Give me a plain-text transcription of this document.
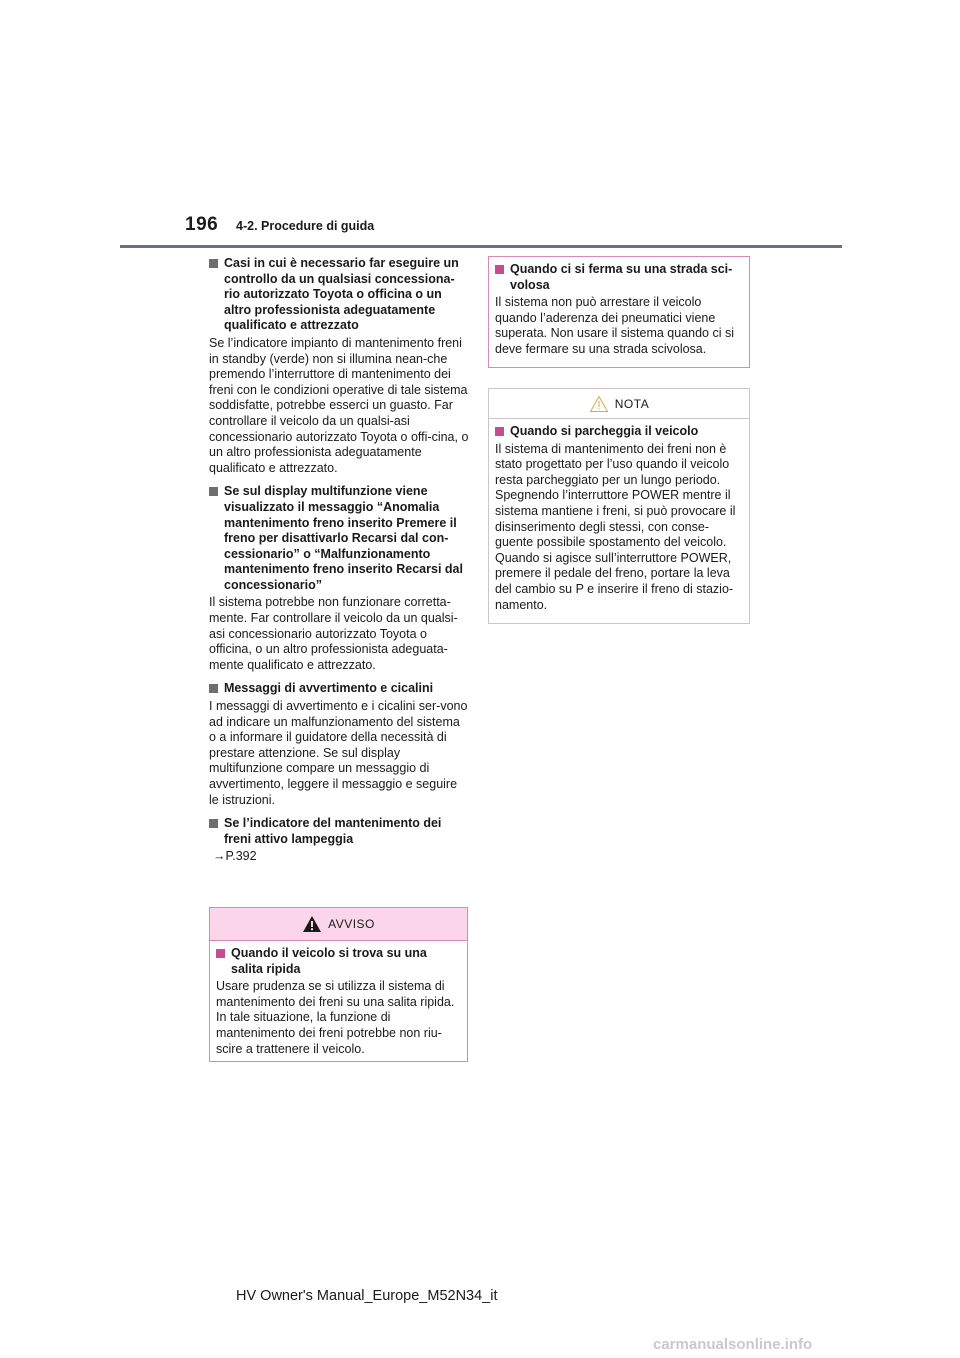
196 4-2. Procedure di guida
Casi in cui è necessario far eseguire un controllo da un qualsiasi concessiona-rio autorizzato Toyota o officina o un altro professionista adeguatamente qualificato e attrezzato
Se l’indicatore impianto di mantenimento freni in standby (verde) non si illumina nean-che premendo l’interruttore di mantenimento dei freni con le condizioni operative di tale sistema soddisfatte, potrebbe esserci un guasto. Far controllare il veicolo da un qualsi-asi concessionario autorizzato Toyota o offi-cina, o un altro professionista adeguatamente qualificato e attrezzato.
Se sul display multifunzione viene visualizzato il messaggio “Anomalia mantenimento freno inserito Premere il freno per disattivarlo Recarsi dal con-cessionario” o “Malfunzionamento mantenimento freno inserito Recarsi dal concessionario”
Il sistema potrebbe non funzionare corretta-mente. Far controllare il veicolo da un qualsi-asi concessionario autorizzato Toyota o officina, o un altro professionista adeguata-mente qualificato e attrezzato.
Messaggi di avvertimento e cicalini
I messaggi di avvertimento e i cicalini ser-vono ad indicare un malfunzionamento del sistema o a informare il guidatore della necessità di prestare attenzione. Se sul display multifunzione compare un messaggio di avvertimento, leggere il messaggio e seguire le istruzioni.
Se l’indicatore del mantenimento dei freni attivo lampeggia
→P.392
AVVISO
Quando il veicolo si trova su una salita ripida
Usare prudenza se si utilizza il sistema di mantenimento dei freni su una salita ripida. In tale situazione, la funzione di mantenimento dei freni potrebbe non riu-scire a trattenere il veicolo.
Quando ci si ferma su una strada sci-volosa
Il sistema non può arrestare il veicolo quando l’aderenza dei pneumatici viene superata. Non usare il sistema quando ci si deve fermare su una strada scivolosa.
NOTA
Quando si parcheggia il veicolo
Il sistema di mantenimento dei freni non è stato progettato per l’uso quando il veicolo resta parcheggiato per un lungo periodo. Spegnendo l’interruttore POWER mentre il sistema mantiene i freni, si può provocare il disinserimento degli stessi, con conse-guente possibile spostamento del veicolo. Quando si agisce sull’interruttore POWER, premere il pedale del freno, portare la leva del cambio su P e inserire il freno di stazio-namento.
HV Owner's Manual_Europe_M52N34_it
carmanualsonline.info
